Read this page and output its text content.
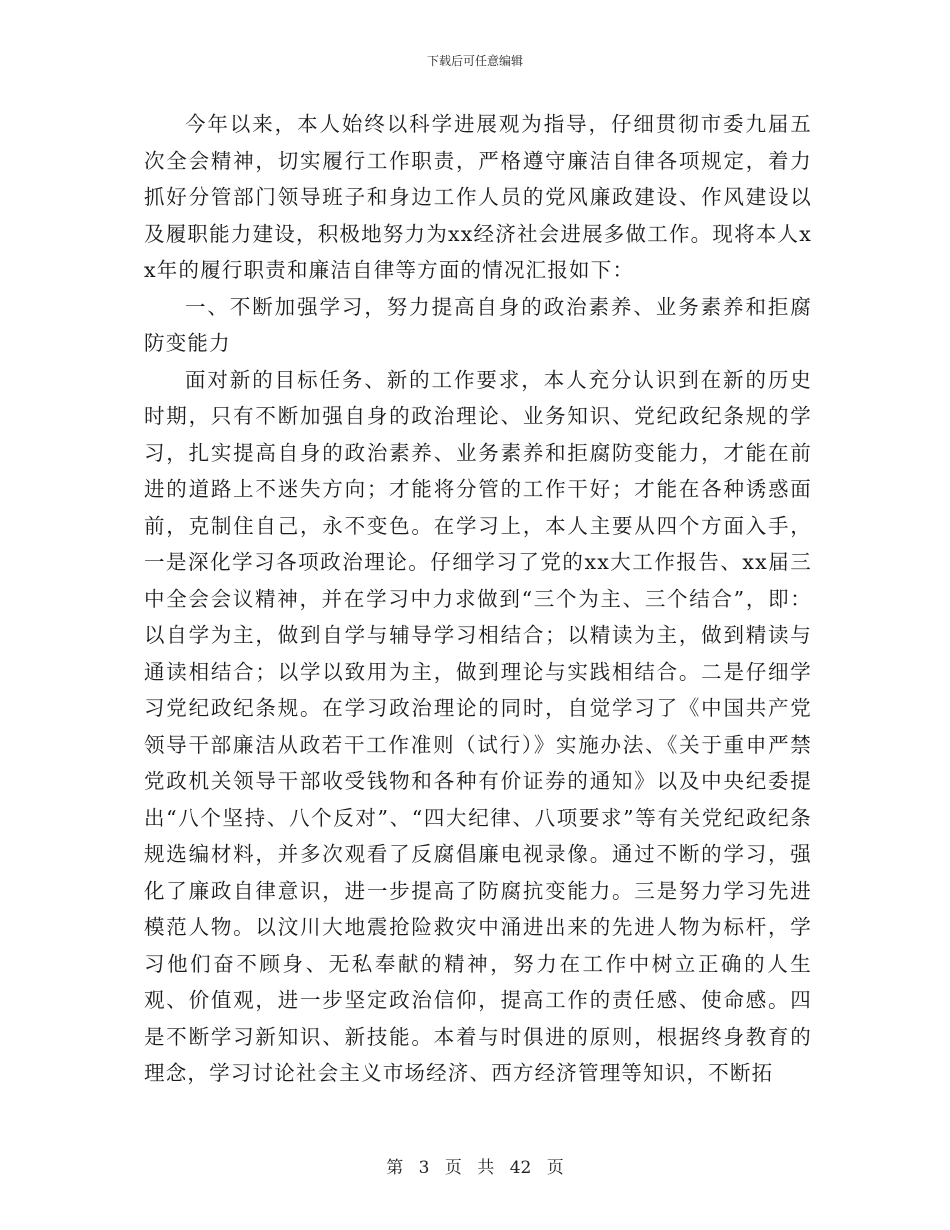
下载后可任意编辑

今年以来，本人始终以科学进展观为指导，仔细贯彻市委九届五次全会精神，切实履行工作职责，严格遵守廉洁自律各项规定，着力抓好分管部门领导班子和身边工作人员的党风廉政建设、作风建设以及履职能力建设，积极地努力为xx经济社会进展多做工作。现将本人xx年的履行职责和廉洁自律等方面的情况汇报如下：

一、不断加强学习，努力提高自身的政治素养、业务素养和拒腐防变能力

面对新的目标任务、新的工作要求，本人充分认识到在新的历史时期，只有不断加强自身的政治理论、业务知识、党纪政纪条规的学习，扎实提高自身的政治素养、业务素养和拒腐防变能力，才能在前进的道路上不迷失方向；才能将分管的工作干好；才能在各种诱惑面前，克制住自己，永不变色。在学习上，本人主要从四个方面入手，一是深化学习各项政治理论。仔细学习了党的xx大工作报告、xx届三中全会会议精神，并在学习中力求做到“三个为主、三个结合”，即：以自学为主，做到自学与辅导学习相结合；以精读为主，做到精读与通读相结合；以学以致用为主，做到理论与实践相结合。二是仔细学习党纪政纪条规。在学习政治理论的同时，自觉学习了《中国共产党领导干部廉洁从政若干工作准则（试行）》实施办法、《关于重申严禁党政机关领导干部收受钱物和各种有价证券的通知》以及中央纪委提出“八个坚持、八个反对”、“四大纪律、八项要求”等有关党纪政纪条规选编材料，并多次观看了反腐倡廉电视录像。通过不断的学习，强化了廉政自律意识，进一步提高了防腐抗变能力。三是努力学习先进模范人物。以汶川大地震抢险救灾中涌进出来的先进人物为标杆，学习他们奋不顾身、无私奉献的精神，努力在工作中树立正确的人生观、价值观，进一步坚定政治信仰，提高工作的责任感、使命感。四是不断学习新知识、新技能。本着与时俱进的原则，根据终身教育的理念，学习讨论社会主义市场经济、西方经济管理等知识，不断拓

第 3 页 共 42 页
